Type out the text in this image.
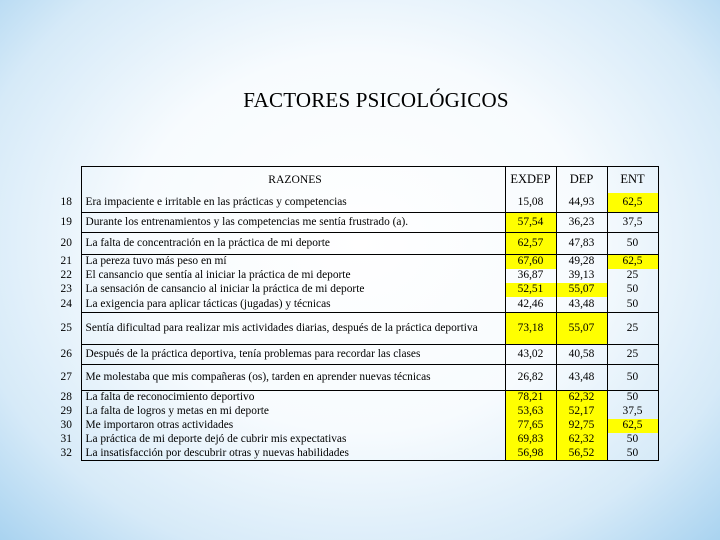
FACTORES PSICOLÓGICOS
	RAZONES	EXDEP	DEP	ENT
18	Era impaciente e irritable en las prácticas y competencias	15,08	44,93	62,5
19	Durante los entrenamientos y las competencias me sentía frustrado (a).	57,54	36,23	37,5
20	La falta de concentración en la práctica de mi deporte	62,57	47,83	50
21	La pereza tuvo más peso en mí	67,60	49,28	62,5
22	El cansancio que sentía al iniciar la práctica de mi deporte	36,87	39,13	25
23	La sensación de cansancio al iniciar la práctica de mi deporte	52,51	55,07	50
24	La exigencia para aplicar tácticas (jugadas) y técnicas	42,46	43,48	50
25	Sentía dificultad para realizar mis actividades diarias, después de la práctica deportiva	73,18	55,07	25
26	Después de la práctica deportiva, tenía problemas para recordar las clases	43,02	40,58	25
27	Me molestaba que mis compañeras (os), tarden en aprender nuevas técnicas	26,82	43,48	50
28	La falta de reconocimiento deportivo	78,21	62,32	50
29	La falta de logros y metas en mi deporte	53,63	52,17	37,5
30	Me importaron otras actividades	77,65	92,75	62,5
31	La práctica de mi deporte dejó de cubrir mis expectativas	69,83	62,32	50
32	La insatisfacción por descubrir otras y nuevas habilidades	56,98	56,52	50
